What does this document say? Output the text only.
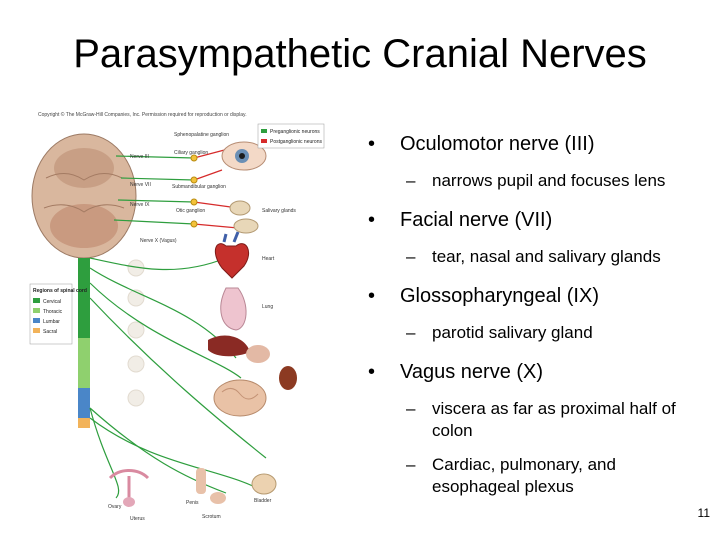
Parasympathetic Cranial Nerves
Copyright © The McGraw-Hill Companies, Inc. Permission required for reproduction or display.
Sphenopalatine ganglion
Ciliary ganglion
Submandibular ganglion
Otic ganglion
Nerve III
Nerve VII
Nerve IX
Nerve X (Vagus)
Salivary glands
Heart
Lung
Ovary
Uterus
Penis
Scrotum
Bladder
Preganglionic neurons
Postganglionic neurons
Regions of spinal cord
Cervical
Thoracic
Lumbar
Sacral
• Oculomotor nerve (III)
– narrows pupil and focuses lens
• Facial nerve (VII)
– tear, nasal and salivary glands
• Glossopharyngeal (IX)
– parotid salivary gland
• Vagus nerve (X)
– viscera as far as proximal half of colon
– Cardiac, pulmonary, and esophageal plexus
11
